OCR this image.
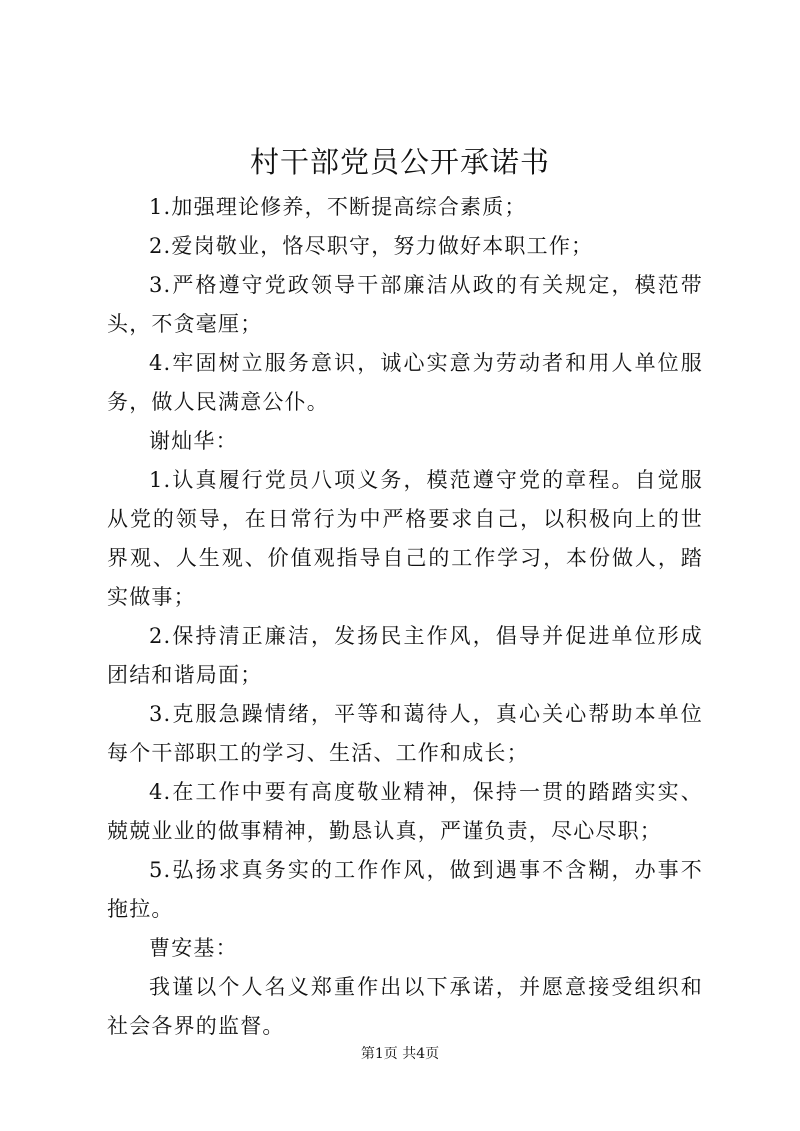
村干部党员公开承诺书

1.加强理论修养，不断提高综合素质；

2.爱岗敬业，恪尽职守，努力做好本职工作；

3.严格遵守党政领导干部廉洁从政的有关规定，模范带头，不贪毫厘；

4.牢固树立服务意识，诚心实意为劳动者和用人单位服务，做人民满意公仆。

谢灿华：

1.认真履行党员八项义务，模范遵守党的章程。自觉服从党的领导，在日常行为中严格要求自己，以积极向上的世界观、人生观、价值观指导自己的工作学习，本份做人，踏实做事；

2.保持清正廉洁，发扬民主作风，倡导并促进单位形成团结和谐局面；

3.克服急躁情绪，平等和蔼待人，真心关心帮助本单位每个干部职工的学习、生活、工作和成长；

4.在工作中要有高度敬业精神，保持一贯的踏踏实实、兢兢业业的做事精神，勤恳认真，严谨负责，尽心尽职；

5.弘扬求真务实的工作作风，做到遇事不含糊，办事不拖拉。

曹安基：

我谨以个人名义郑重作出以下承诺，并愿意接受组织和社会各界的监督。

第1页 共4页
